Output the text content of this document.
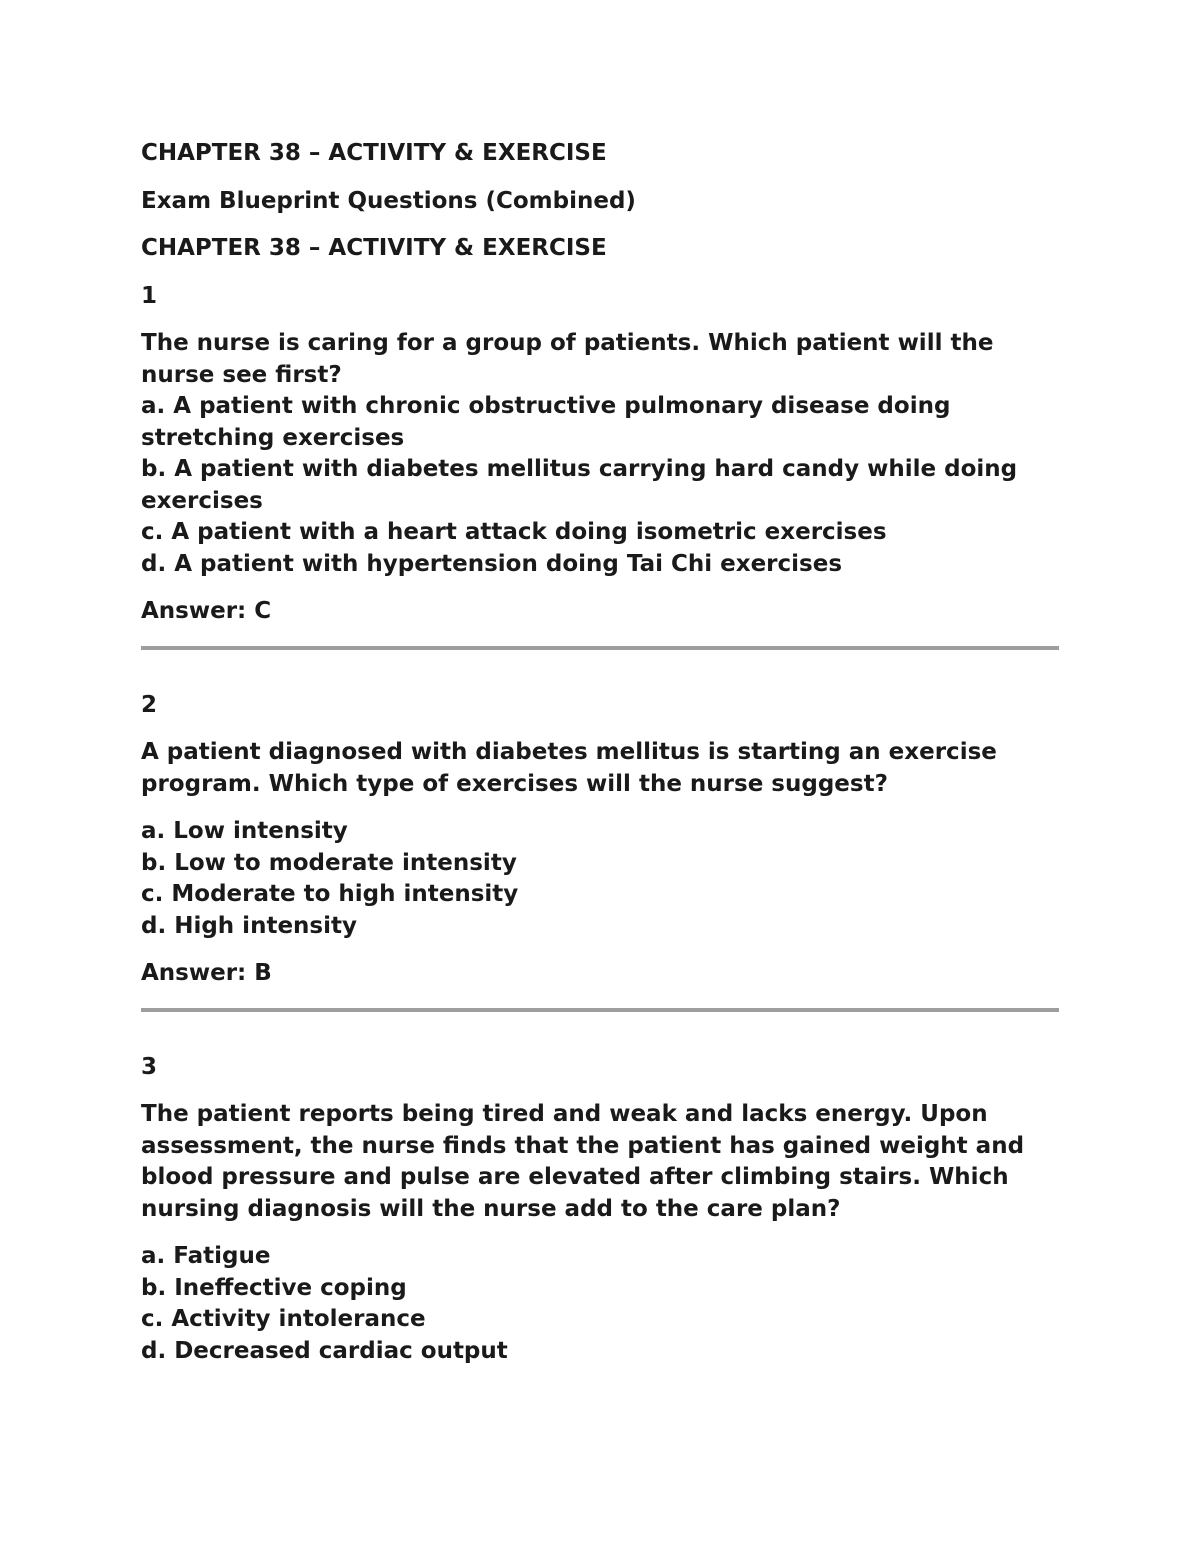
CHAPTER 38 – ACTIVITY & EXERCISE

Exam Blueprint Questions (Combined)

CHAPTER 38 – ACTIVITY & EXERCISE

1

The nurse is caring for a group of patients. Which patient will the nurse see first?

a. A patient with chronic obstructive pulmonary disease doing stretching exercises

b. A patient with diabetes mellitus carrying hard candy while doing exercises

c. A patient with a heart attack doing isometric exercises

d. A patient with hypertension doing Tai Chi exercises

Answer: C

2

A patient diagnosed with diabetes mellitus is starting an exercise program. Which type of exercises will the nurse suggest?

a. Low intensity

b. Low to moderate intensity

c. Moderate to high intensity

d. High intensity

Answer: B

3

The patient reports being tired and weak and lacks energy. Upon assessment, the nurse finds that the patient has gained weight and blood pressure and pulse are elevated after climbing stairs. Which nursing diagnosis will the nurse add to the care plan?

a. Fatigue

b. Ineffective coping

c. Activity intolerance

d. Decreased cardiac output
